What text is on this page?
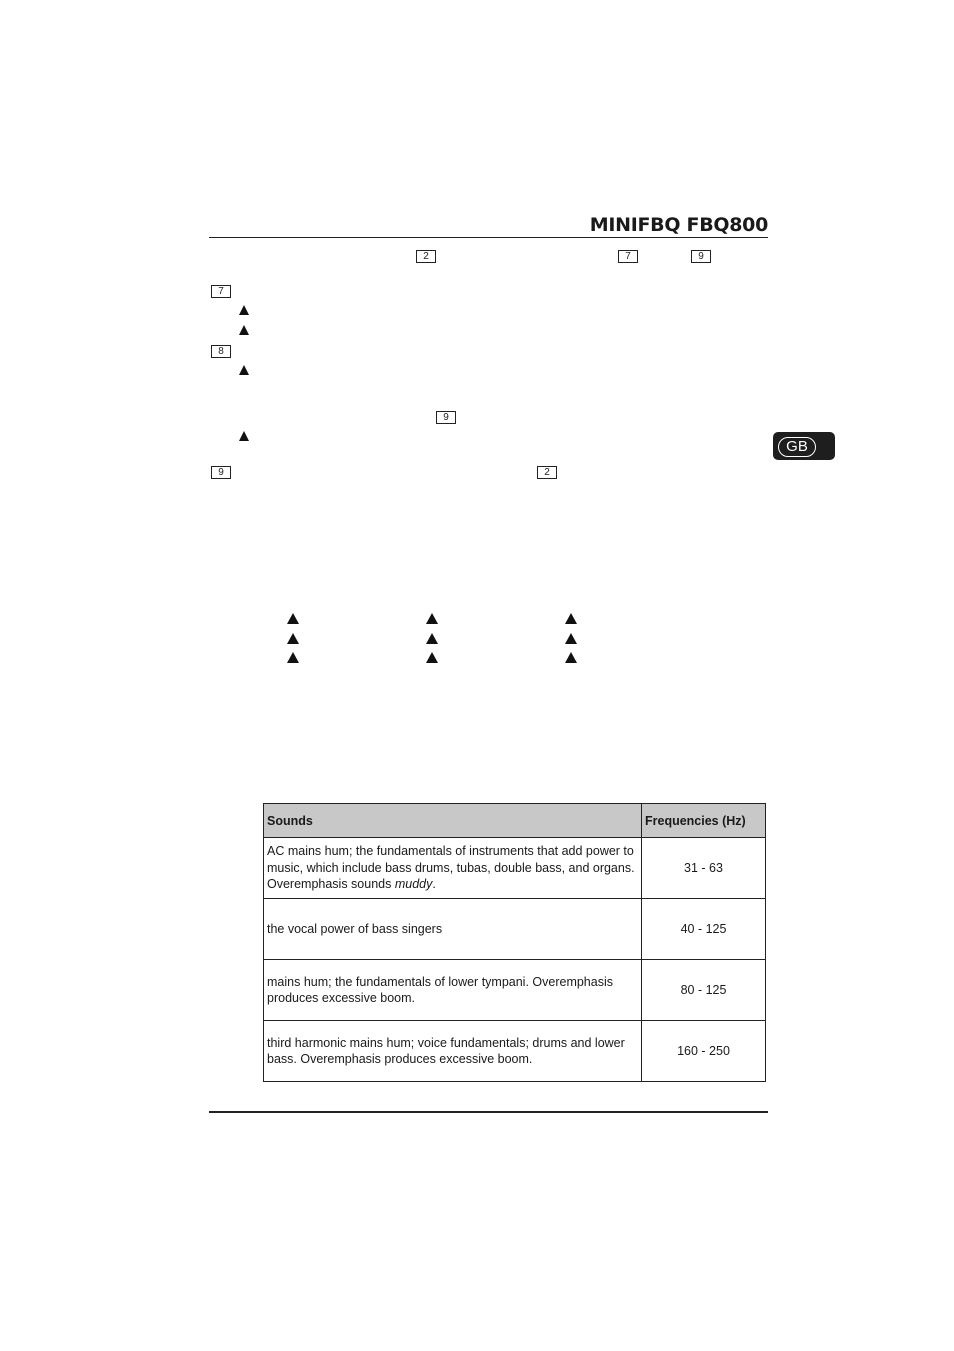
MINIFBQ FBQ800
2	7	9
7
8
9
9	2
GB
Sounds	Frequencies (Hz)
AC mains hum; the fundamentals of instruments that add power to music, which include bass drums, tubas, double bass, and organs. Overemphasis sounds muddy.	31 - 63
the vocal power of bass singers	40 - 125
mains hum; the fundamentals of lower tympani. Overemphasis produces excessive boom.	80 - 125
third harmonic mains hum; voice fundamentals; drums and lower bass. Overemphasis produces excessive boom.	160 - 250
